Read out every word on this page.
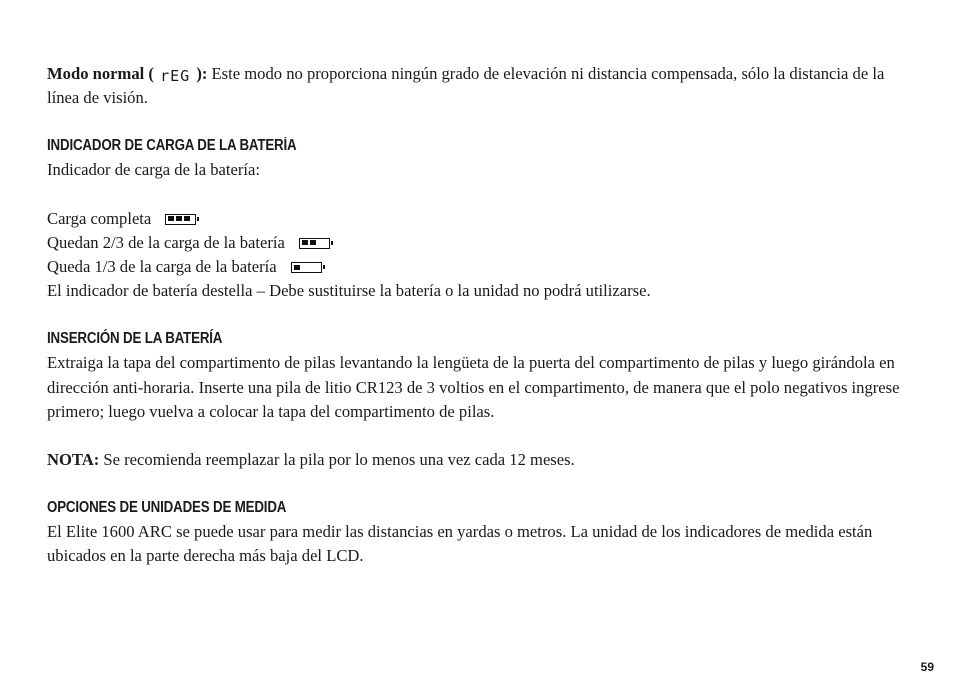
Modo normal ( rEG ): Este modo no proporciona ningún grado de elevación ni distancia compensada, sólo la distancia de la línea de visión.

INDICADOR DE CARGA DE LA BATERÍA

Indicador de carga de la batería:

Carga completa

Quedan 2/3 de la carga de la batería

Queda 1/3 de la carga de la batería

El indicador de batería destella – Debe sustituirse la batería o la unidad no podrá utilizarse.

INSERCIÓN DE LA BATERÍA

Extraiga la tapa del compartimento de pilas levantando la lengüeta de la puerta del compartimento de pilas y luego girándola en dirección anti-horaria. Inserte una pila de litio CR123 de 3 voltios en el compartimento, de manera que el polo negativos ingrese primero; luego vuelva a colocar la tapa del compartimento de pilas.

NOTA: Se recomienda reemplazar la pila por lo menos una vez cada 12 meses.

OPCIONES DE UNIDADES DE MEDIDA

El Elite 1600 ARC se puede usar para medir las distancias en yardas o metros. La unidad de los indicadores de medida están ubicados en la parte derecha más baja del LCD.

59
